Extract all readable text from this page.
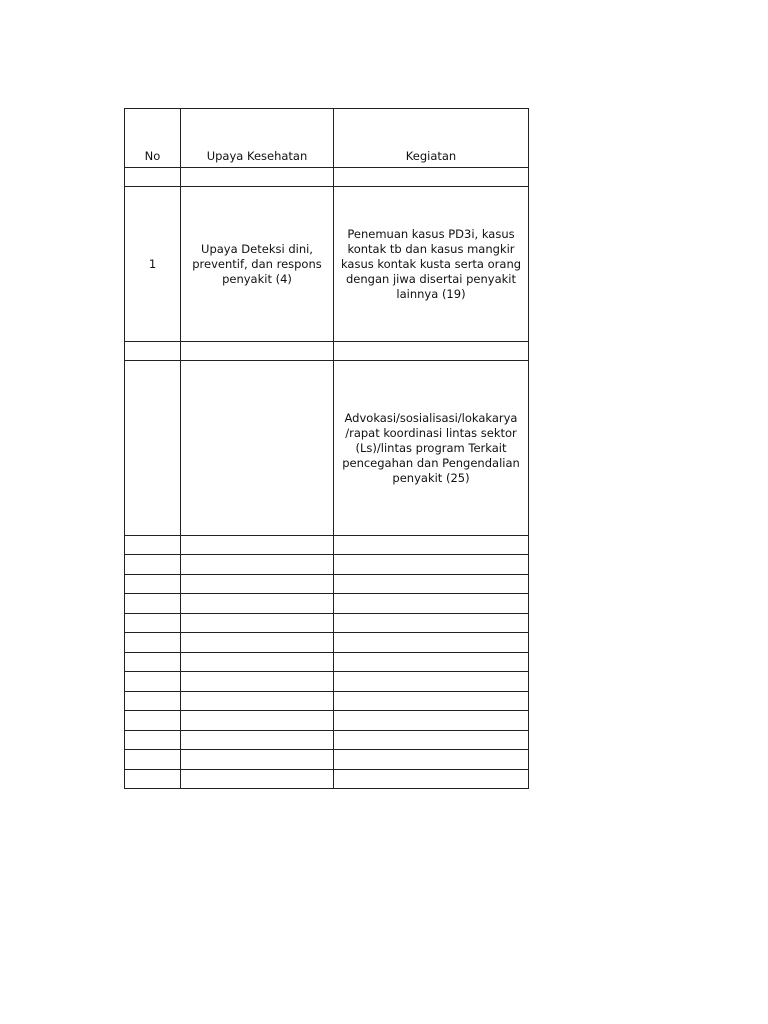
No	Upaya Kesehatan	Kegiatan

1	Upaya Deteksi dini, preventif, dan respons penyakit (4)	Penemuan kasus PD3i, kasus kontak tb dan kasus mangkir kasus kontak kusta serta orang dengan jiwa disertai penyakit lainnya (19)

		Advokasi/sosialisasi/lokakarya /rapat koordinasi lintas sektor (Ls)/lintas program Terkait pencegahan dan Pengendalian penyakit (25)
